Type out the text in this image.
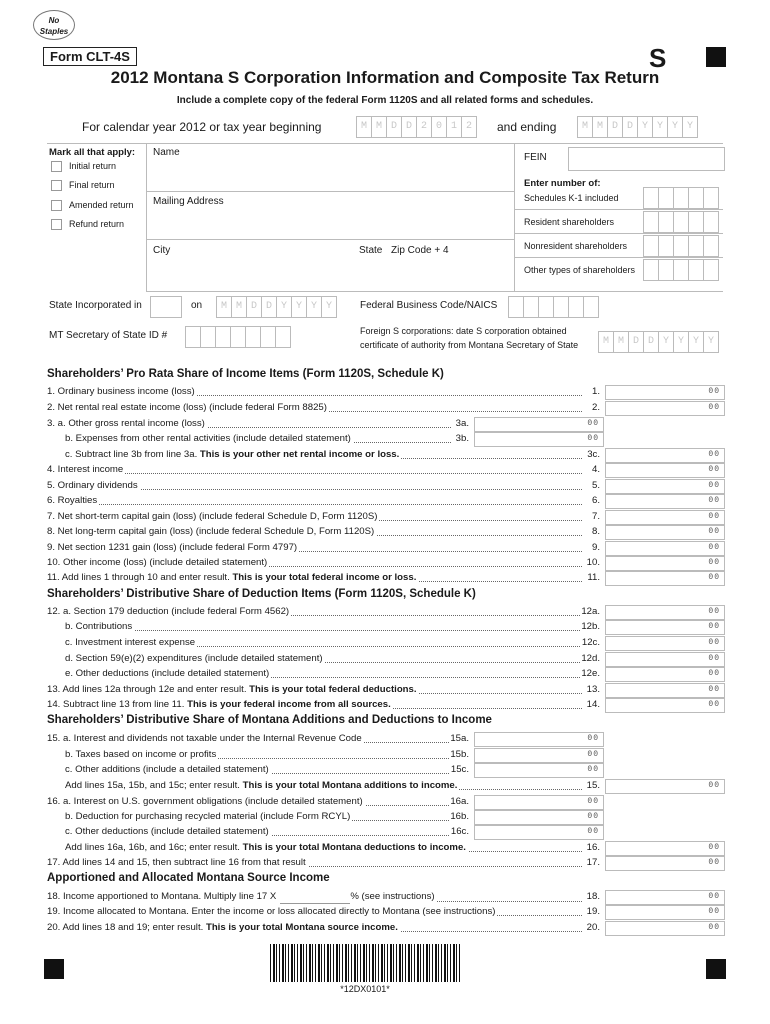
No Staples
Form CLT-4S	S
2012 Montana S Corporation Information and Composite Tax Return
Include a complete copy of the federal Form 1120S and all related forms and schedules.
For calendar year 2012 or tax year beginning	M M D D 2 0 1 2	and ending	M M D D Y Y Y Y
Mark all that apply:
Initial return
Final return
Amended return
Refund return
Name
Mailing Address
City	State Zip Code + 4
FEIN
Enter number of:
Schedules K-1 included
Resident shareholders
Nonresident shareholders
Other types of shareholders
State Incorporated in	on	M M D D Y Y Y Y	Federal Business Code/NAICS
MT Secretary of State ID #	Foreign S corporations: date S corporation obtained
certificate of authority from Montana Secretary of State	M M D D Y Y Y Y
Shareholders’ Pro Rata Share of Income Items (Form 1120S, Schedule K)
Shareholders’ Distributive Share of Deduction Items (Form 1120S, Schedule K)
Shareholders’ Distributive Share of Montana Additions and Deductions to Income
Apportioned and Allocated Montana Source Income
1. Ordinary business income (loss)	1.	00
2. Net rental real estate income (loss) (include federal Form 8825)	2.	00
3. a. Other gross rental income (loss)	3a.	00
b. Expenses from other rental activities (include detailed statement)	3b.	00
c. Subtract line 3b from line 3a. This is your other net rental income or loss.	3c.	00
4. Interest income	4.	00
5. Ordinary dividends	5.	00
6. Royalties	6.	00
7. Net short-term capital gain (loss) (include federal Schedule D, Form 1120S)	7.	00
8. Net long-term capital gain (loss) (include federal Schedule D, Form 1120S)	8.	00
9. Net section 1231 gain (loss) (include federal Form 4797)	9.	00
10. Other income (loss) (include detailed statement)	10.	00
11. Add lines 1 through 10 and enter result. This is your total federal income or loss.	11.	00
12. a. Section 179 deduction (include federal Form 4562)	12a.	00
b. Contributions	12b.	00
c. Investment interest expense	12c.	00
d. Section 59(e)(2) expenditures (include detailed statement)	12d.	00
e. Other deductions (include detailed statement)	12e.	00
13. Add lines 12a through 12e and enter result. This is your total federal deductions.	13.	00
14. Subtract line 13 from line 11. This is your federal income from all sources.	14.	00
15. a. Interest and dividends not taxable under the Internal Revenue Code	15a.	00
b. Taxes based on income or profits	15b.	00
c. Other additions (include a detailed statement)	15c.	00
Add lines 15a, 15b, and 15c; enter result. This is your total Montana additions to income.	15.	00
16. a. Interest on U.S. government obligations (include detailed statement)	16a.	00
b. Deduction for purchasing recycled material (include Form RCYL)	16b.	00
c. Other deductions (include detailed statement)	16c.	00
Add lines 16a, 16b, and 16c; enter result. This is your total Montana deductions to income.	16.	00
17. Add lines 14 and 15, then subtract line 16 from that result	17.	00
18. Income apportioned to Montana. Multiply line 17 X	% (see instructions)	18.	00
19. Income allocated to Montana. Enter the income or loss allocated directly to Montana (see instructions)	19.	00
20. Add lines 18 and 19; enter result. This is your total Montana source income.	20.	00
*12DX0101*
